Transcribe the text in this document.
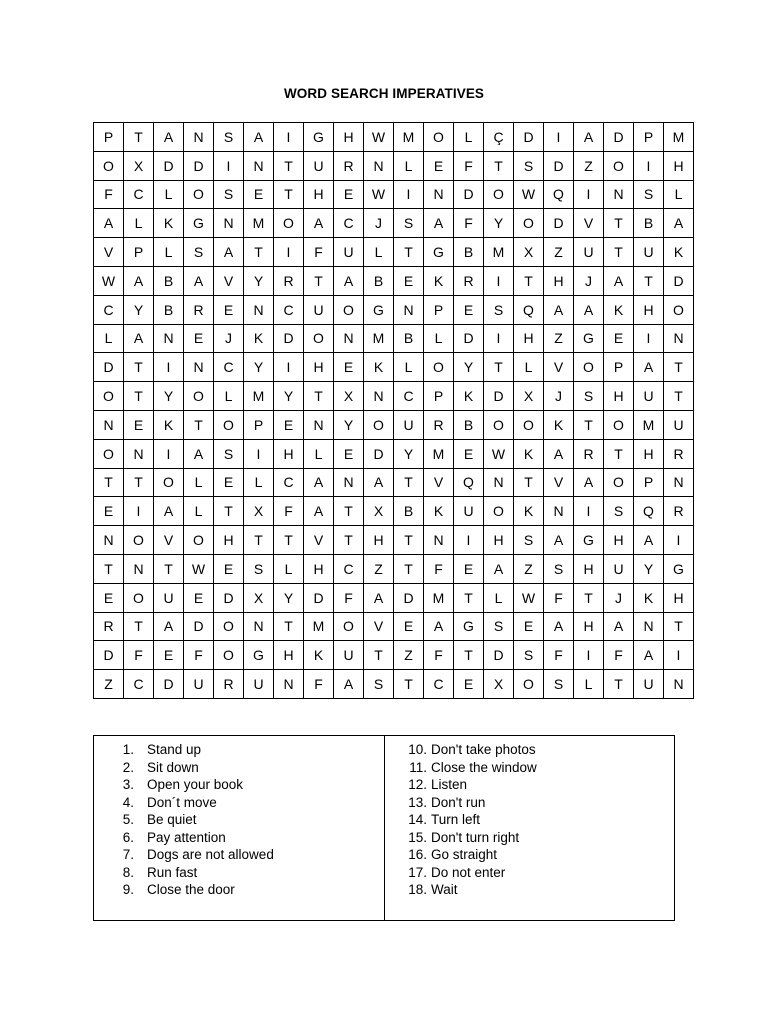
WORD SEARCH IMPERATIVES
P	T	A	N	S	A	I	G	H	W	M	O	L	Ç	D	I	A	D	P	M
O	X	D	D	I	N	T	U	R	N	L	E	F	T	S	D	Z	O	I	H
F	C	L	O	S	E	T	H	E	W	I	N	D	O	W	Q	I	N	S	L
A	L	K	G	N	M	O	A	C	J	S	A	F	Y	O	D	V	T	B	A
V	P	L	S	A	T	I	F	U	L	T	G	B	M	X	Z	U	T	U	K
W	A	B	A	V	Y	R	T	A	B	E	K	R	I	T	H	J	A	T	D
C	Y	B	R	E	N	C	U	O	G	N	P	E	S	Q	A	A	K	H	O
L	A	N	E	J	K	D	O	N	M	B	L	D	I	H	Z	G	E	I	N
D	T	I	N	C	Y	I	H	E	K	L	O	Y	T	L	V	O	P	A	T
O	T	Y	O	L	M	Y	T	X	N	C	P	K	D	X	J	S	H	U	T
N	E	K	T	O	P	E	N	Y	O	U	R	B	O	O	K	T	O	M	U
O	N	I	A	S	I	H	L	E	D	Y	M	E	W	K	A	R	T	H	R
T	T	O	L	E	L	C	A	N	A	T	V	Q	N	T	V	A	O	P	N
E	I	A	L	T	X	F	A	T	X	B	K	U	O	K	N	I	S	Q	R
N	O	V	O	H	T	T	V	T	H	T	N	I	H	S	A	G	H	A	I
T	N	T	W	E	S	L	H	C	Z	T	F	E	A	Z	S	H	U	Y	G
E	O	U	E	D	X	Y	D	F	A	D	M	T	L	W	F	T	J	K	H
R	T	A	D	O	N	T	M	O	V	E	A	G	S	E	A	H	A	N	T
D	F	E	F	O	G	H	K	U	T	Z	F	T	D	S	F	I	F	A	I
Z	C	D	U	R	U	N	F	A	S	T	C	E	X	O	S	L	T	U	N
1. Stand up
2. Sit down
3. Open your book
4. Don´t move
5. Be quiet
6. Pay attention
7. Dogs are not allowed
8. Run fast
9. Close the door
10. Don't take photos
11. Close the window
12. Listen
13. Don't run
14. Turn left
15. Don't turn right
16. Go straight
17. Do not enter
18. Wait
